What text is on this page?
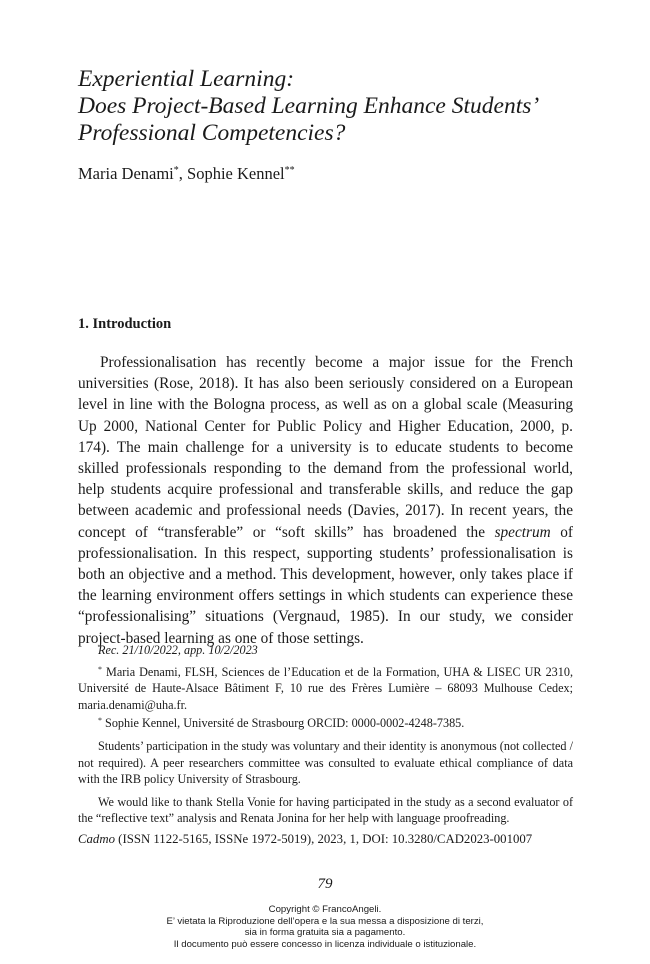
Experiential Learning:
Does Project-Based Learning Enhance Students’
Professional Competencies?
Maria Denami*, Sophie Kennel**
1. Introduction

Professionalisation has recently become a major issue for the French universities (Rose, 2018). It has also been seriously considered on a European level in line with the Bologna process, as well as on a global scale (Measuring Up 2000, National Center for Public Policy and Higher Education, 2000, p. 174). The main challenge for a university is to educate students to become skilled professionals responding to the demand from the professional world, help students acquire professional and transferable skills, and reduce the gap between academic and professional needs (Davies, 2017). In recent years, the concept of “transferable” or “soft skills” has broadened the spectrum of professionalisation. In this respect, supporting students’ professionalisation is both an objective and a method. This development, however, only takes place if the learning environment offers settings in which students can experience these “professionalising” situations (Vergnaud, 1985). In our study, we consider project-based learning as one of those settings.

Rec. 21/10/2022, app. 10/2/2023

* Maria Denami, FLSH, Sciences de l’Education et de la Formation, UHA & LISEC UR 2310, Université de Haute-Alsace Bâtiment F, 10 rue des Frères Lumière – 68093 Mulhouse Cedex; maria.denami@uha.fr.

* Sophie Kennel, Université de Strasbourg ORCID: 0000-0002-4248-7385.

Students’ participation in the study was voluntary and their identity is anonymous (not collected / not required). A peer researchers committee was consulted to evaluate ethical compliance of data with the IRB policy University of Strasbourg.

We would like to thank Stella Vonie for having participated in the study as a second evaluator of the “reflective text” analysis and Renata Jonina for her help with language proofreading.

Cadmo (ISSN 1122-5165, ISSNe 1972-5019), 2023, 1, DOI: 10.3280/CAD2023-001007
79
Copyright © FrancoAngeli.
E’ vietata la Riproduzione dell’opera e la sua messa a disposizione di terzi,
sia in forma gratuita sia a pagamento.
Il documento può essere concesso in licenza individuale o istituzionale.
